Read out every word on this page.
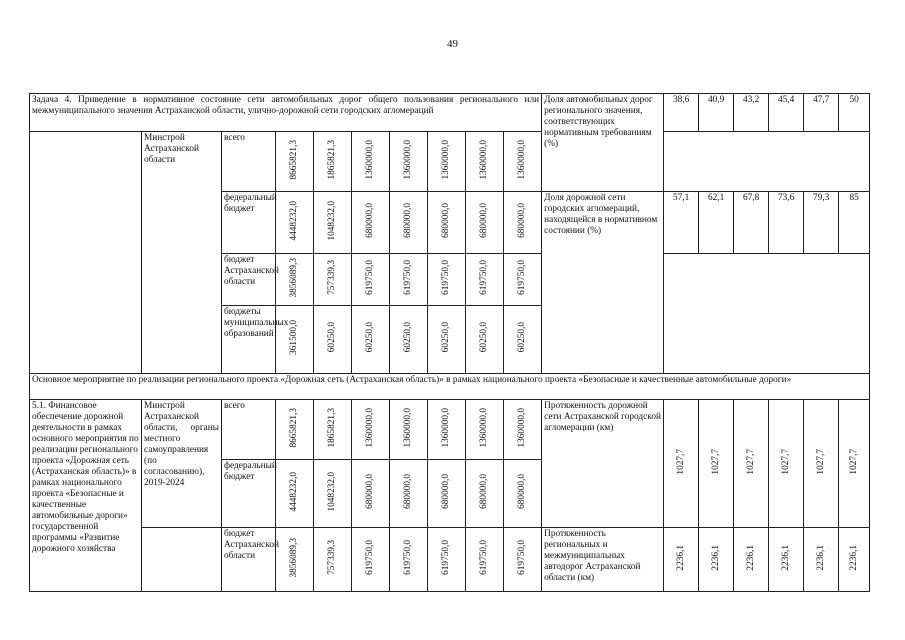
49
Задача 4. Приведение в нормативное состояние сети автомобильных дорог общего пользования регионального или межмуниципального значения Астраханской области, улично-дорожной сети городских агломераций										Доля автомобильных дорог регионального значения, соответствующих нормативным требованиям (%)	38,6	40,9	43,2	45,4	47,7	50
	Минстрой Астраханской области	всего	8665821,3	1865821,3	1360000,0	1360000,0	1360000,0	1360000,0	1360000,0							
		федеральный бюджет	4448232,0	1048232,0	680000,0	680000,0	680000,0	680000,0	680000,0	Доля дорожной сети городских агломераций, находящейся в нормативном состоянии (%)	57,1	62,1	67,8	73,6	79,3	85
		бюджет Астраханской области	3856089,3	757339,3	619750,0	619750,0	619750,0	619750,0	619750,0							
		бюджеты муниципальных образований	361500,0	60250,0	60250,0	60250,0	60250,0	60250,0	60250,0							
Основное мероприятие по реализации регионального проекта «Дорожная сеть (Астраханская область)» в рамках национального проекта «Безопасные и качественные автомобильные дороги»																
5.1. Финансовое обеспечение дорожной деятельности в рамках основного мероприятия по реализации регионального проекта «Дорожная сеть (Астраханская область)» в рамках национального проекта «Безопасные и качественные автомобильные дороги» государственной программы «Развитие дорожного хозяйства	Минстрой Астраханской области, органы местного самоуправления (по согласованию), 2019-2024	всего	8665821,3	1865821,3	1360000,0	1360000,0	1360000,0	1360000,0	1360000,0	Протяженность дорожной сети Астраханской городской агломерации (км)	1027,7	1027,7	1027,7	1027,7	1027,7	1027,7
		федеральный бюджет	4448232,0	1048232,0	680000,0	680000,0	680000,0	680000,0	680000,0							
		бюджет Астраханской области	3856089,3	757339,3	619750,0	619750,0	619750,0	619750,0	619750,0	Протяженность региональных и межмуниципальных автодорог Астраханской области (км)	2236,1	2236,1	2236,1	2236,1	2236,1	2236,1
